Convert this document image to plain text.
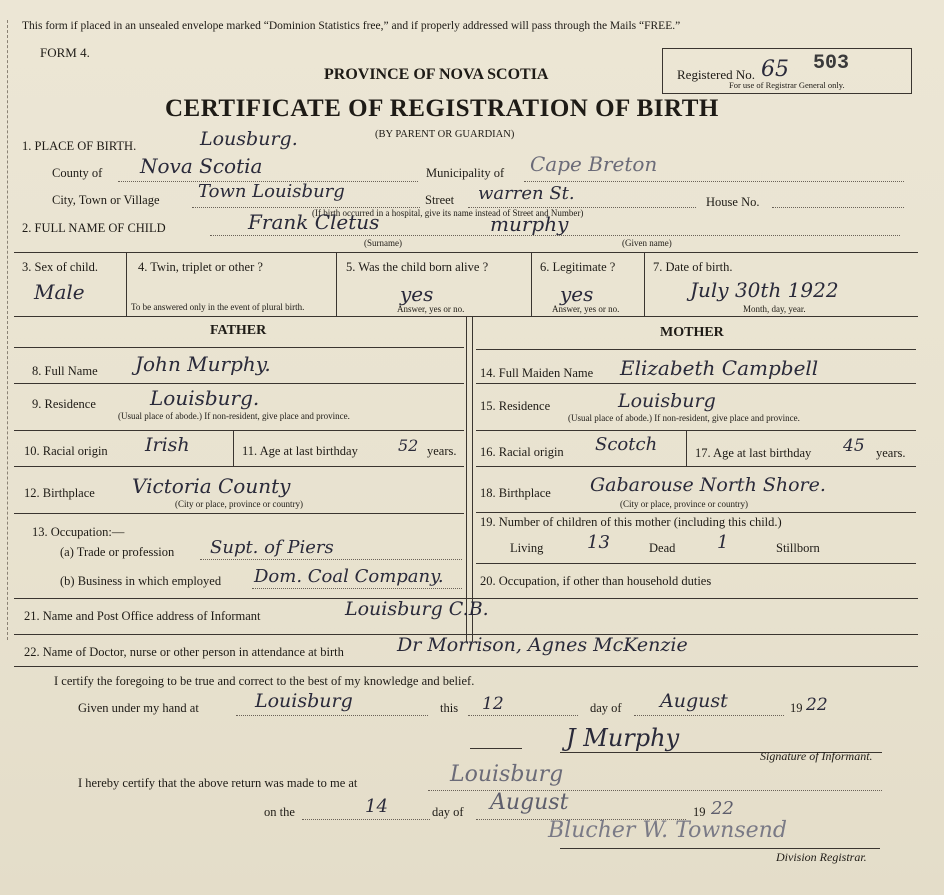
This form if placed in an unsealed envelope marked “Dominion Statistics free,” and if properly addressed will pass through the Mails “FREE.”
FORM 4.
PROVINCE OF NOVA SCOTIA
CERTIFICATE OF REGISTRATION OF BIRTH
(BY PARENT OR GUARDIAN)
Registered No. 65 503
For use of Registrar General only.
1. PLACE OF BIRTH.	Lousburg.
County of Nova Scotia	Municipality of Cape Breton
City, Town or Village Town Louisburg	Street warren St.	House No.
(If birth occurred in a hospital, give its name instead of Street and Number)
2. FULL NAME OF CHILD	Frank Cletus	murphy
(Surname)	(Given name)
3. Sex of child.
Male
4. Twin, triplet or other ?
To be answered only in the event of plural birth.
5. Was the child born alive ?
yes
Answer, yes or no.
6. Legitimate ?
yes
Answer, yes or no.
7. Date of birth.
July 30th 1922
Month, day, year.
FATHER	MOTHER
8. Full Name John Murphy.
9. Residence	Louisburg.
(Usual place of abode.) If non-resident, give place and province.
10. Racial origin Irish	11. Age at last birthday	52 years.
12. Birthplace Victoria County
(City or place, province or country)
13. Occupation:—
(a) Trade or profession Supt. of Piers
(b) Business in which employed Dom. Coal Company.
14. Full Maiden Name Elizabeth Campbell
15. Residence	Louisburg
(Usual place of abode.) If non-resident, give place and province.
16. Racial origin Scotch	17. Age at last birthday 45 years.
18. Birthplace Gabarouse North Shore.
(City or place, province or country)
19. Number of children of this mother (including this child.)
Living 13	Dead 1	Stillborn
20. Occupation, if other than household duties
21. Name and Post Office address of Informant	Louisburg C.B.
22. Name of Doctor, nurse or other person in attendance at birth	Dr Morrison, Agnes McKenzie
I certify the foregoing to be true and correct to the best of my knowledge and belief.
Given under my hand at	Louisburg	this 12	day of August	19 22
J Murphy
Signature of Informant.
I hereby certify that the above return was made to me at	Louisburg
on the	14	day of August	19 22
Blucher W. Townsend
Division Registrar.
